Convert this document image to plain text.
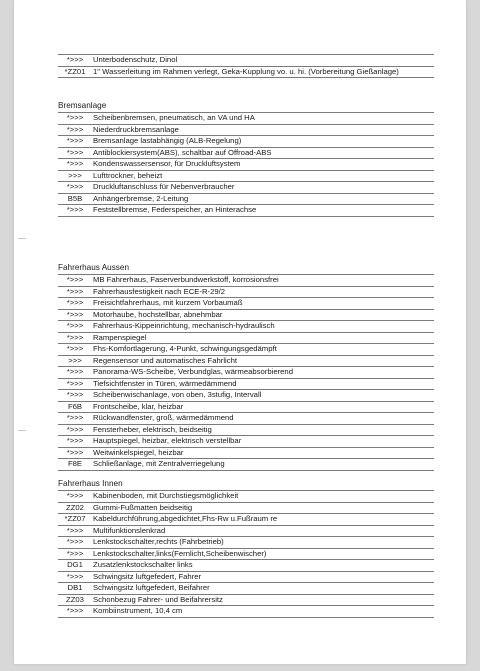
*>>>	Unterbodenschutz, Dinol
*ZZ01 1" Wasserleitung im Rahmen verlegt, Geka-Kupplung vo. u. hi. (Vorbereitung Gießanlage)
Bremsanlage
*>>>	Scheibenbremsen, pneumatisch, an VA und HA
*>>>	Niederdruckbremsanlage
*>>>	Bremsanlage lastabhängig (ALB-Regelung)
*>>>	Antiblockiersystem(ABS), schaltbar auf Offroad-ABS
*>>>	Kondenswassersensor, für Druckluftsystem
>>>	Lufttrockner, beheizt
*>>>	Druckluftanschluss für Nebenverbraucher
B5B	Anhängerbremse, 2-Leitung
*>>>	Feststellbremse, Federspeicher, an Hinterachse
Fahrerhaus Aussen
*>>>	MB Fahrerhaus, Faserverbundwerkstoff, korrosionsfrei
*>>>	Fahrerhausfestigkeit nach ECE-R-29/2
*>>>	Freisichtfahrerhaus, mit kurzem Vorbaumaß
*>>>	Motorhaube, hochstellbar, abnehmbar
*>>>	Fahrerhaus-Kippeinrichtung, mechanisch-hydraulisch
*>>>	Rampenspiegel
*>>>	Fhs-Komfortlagerung, 4-Punkt, schwingungsgedämpft
>>>	Regensensor und automatisches Fahrlicht
*>>>	Panorama-WS-Scheibe, Verbundglas, wärmeabsorbierend
*>>>	Tiefsichtfenster in Türen, wärmedämmend
*>>>	Scheibenwischanlage, von oben, 3stufig, Intervall
F6B	Frontscheibe, klar, heizbar
*>>>	Rückwandfenster, groß, wärmedämmend
*>>>	Fensterheber, elektrisch, beidseitig
*>>>	Hauptspiegel, heizbar, elektrisch verstellbar
*>>>	Weitwinkelspiegel, heizbar
F8E	Schließanlage, mit Zentralverriegelung
Fahrerhaus Innen
*>>>	Kabinenboden, mit Durchstiegsmöglichkeit
ZZ02	Gummi-Fußmatten beidseitig
*ZZ07 Kabeldurchführung,abgedichtet,Fhs-Rw u.Fußraum re
*>>>	Multifunktionslenkrad
*>>>	Lenkstockschalter,rechts (Fahrbetrieb)
*>>>	Lenkstockschalter,links(Fernlicht,Scheibenwischer)
DG1	Zusatzlenkstockschalter links
*>>>	Schwingsitz luftgefedert, Fahrer
DB1	Schwingsitz luftgefedert, Beifahrer
ZZ03	Schonbezug Fahrer- und Beifahrersitz
*>>>	Kombiinstrument, 10,4 cm
